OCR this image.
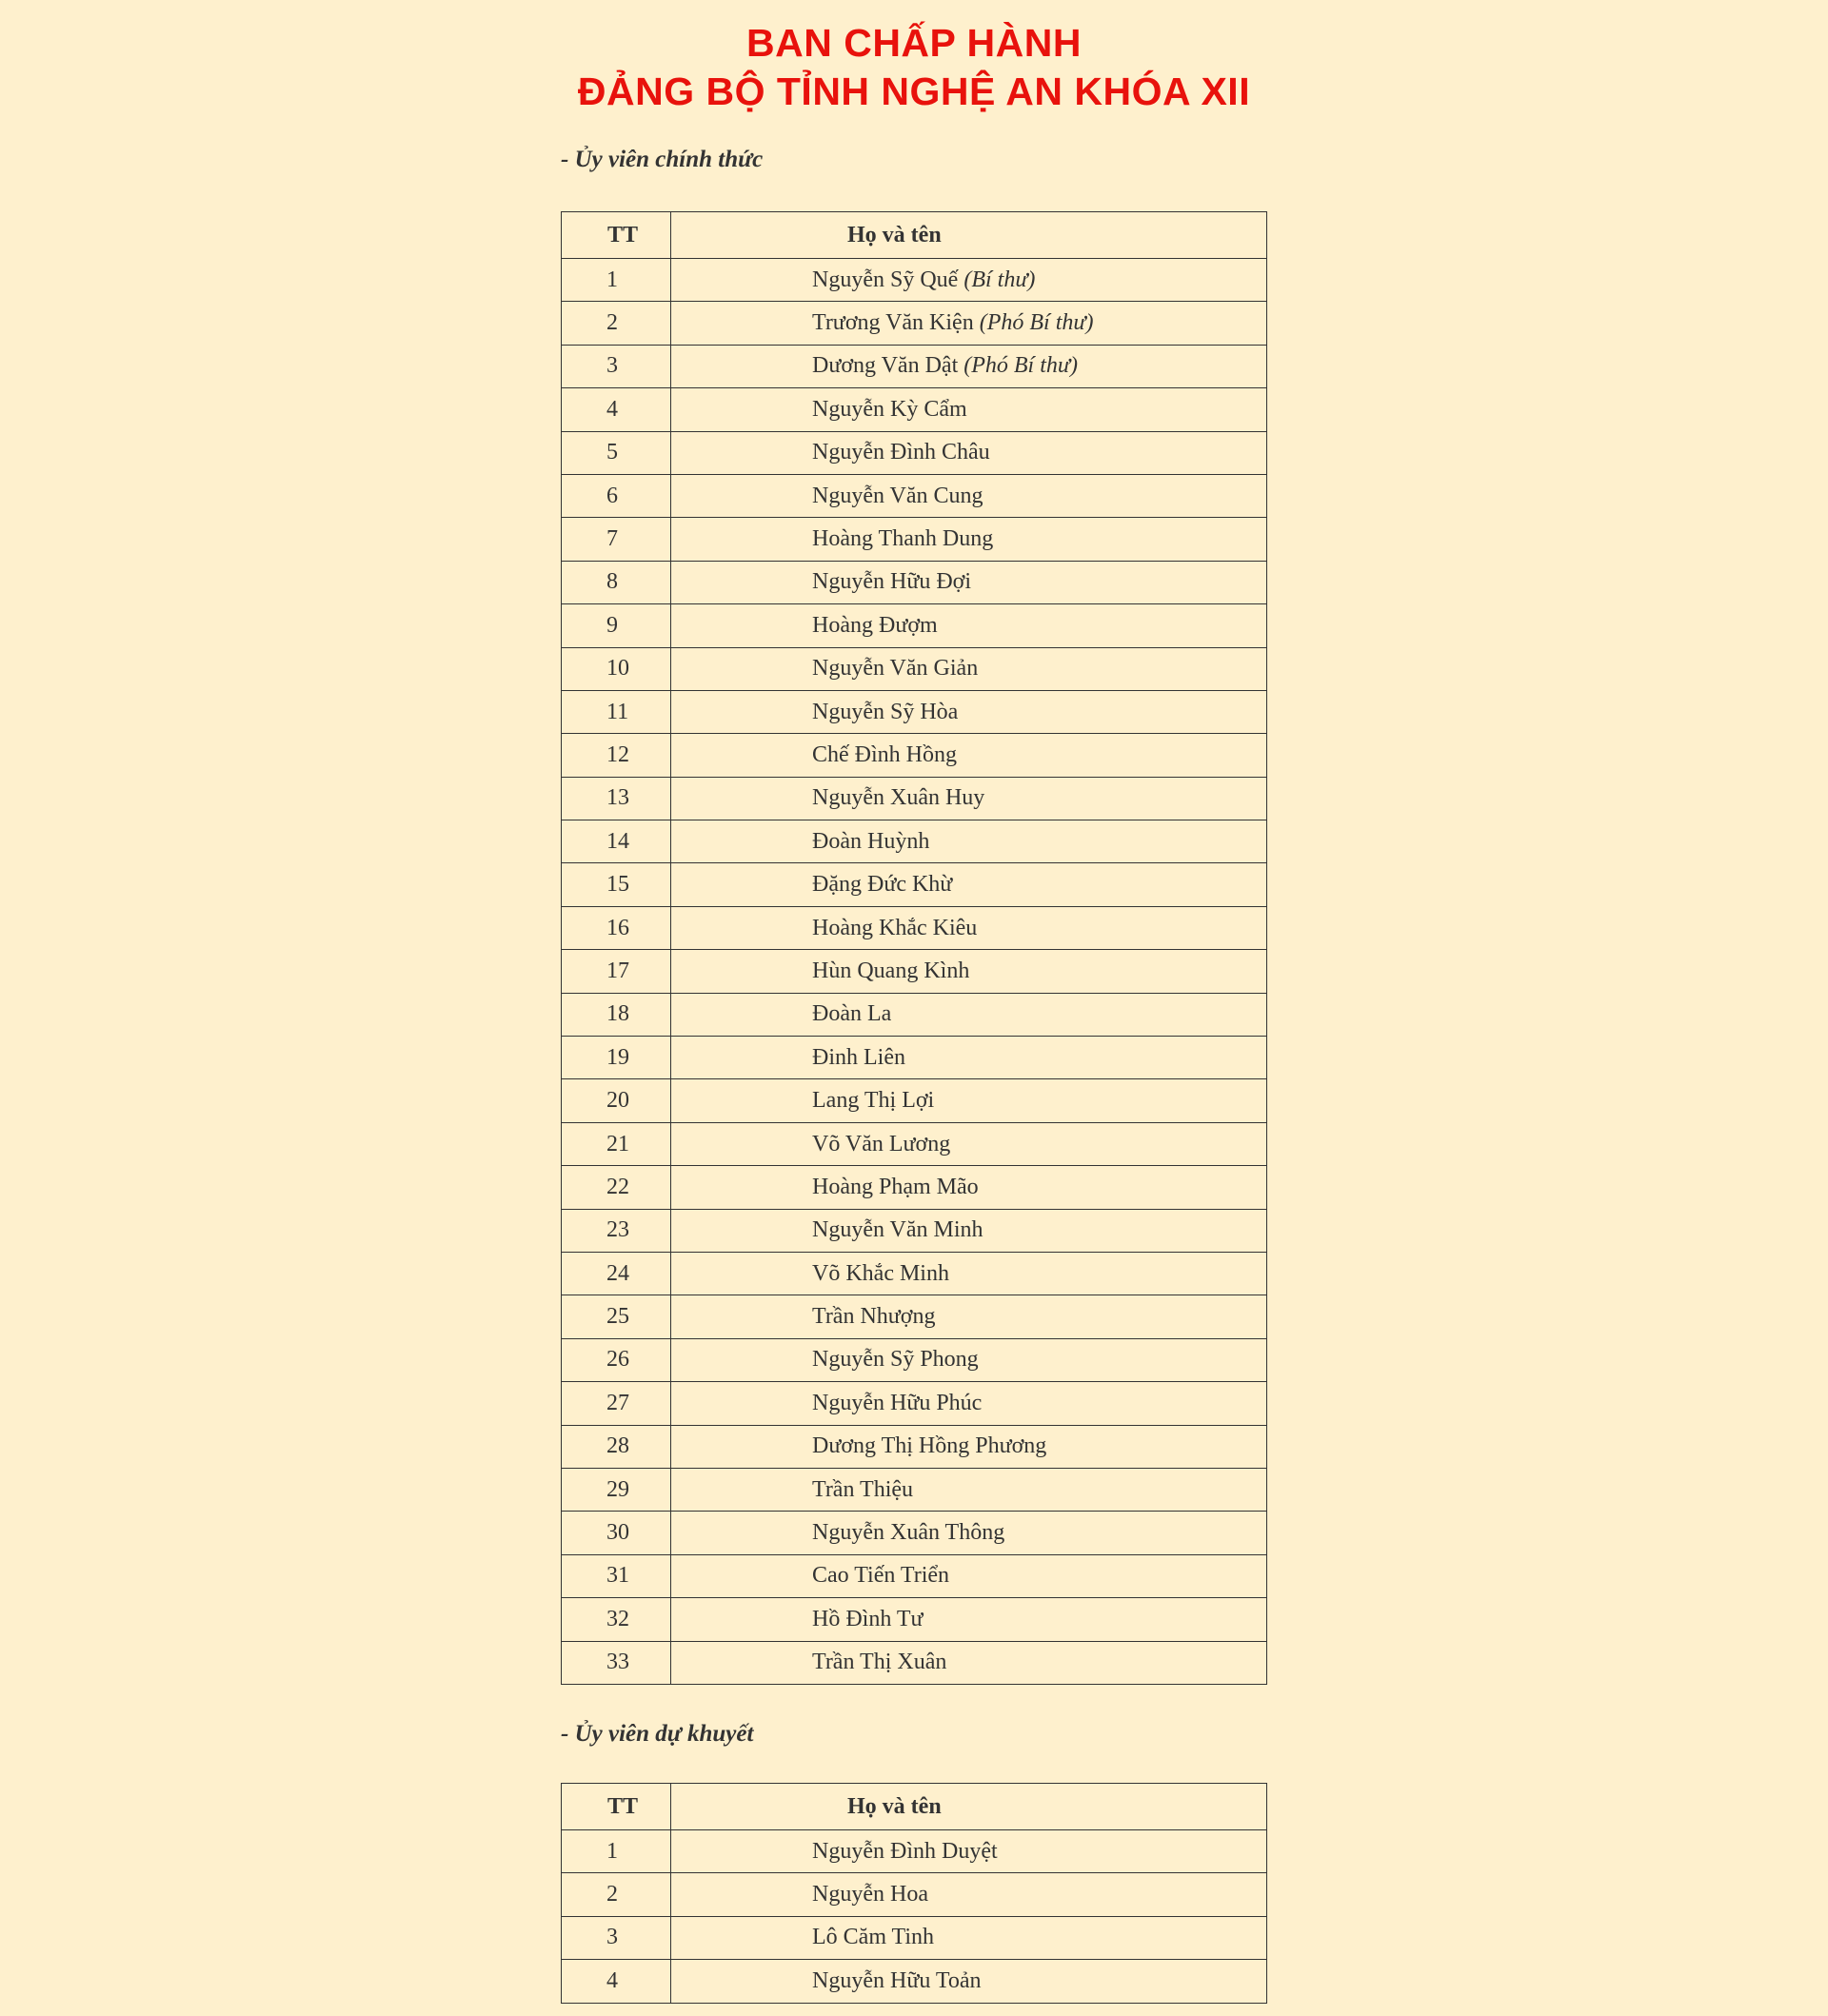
BAN CHẤP HÀNH
ĐẢNG BỘ TỈNH NGHỆ AN KHÓA XII

- Ủy viên chính thức

TT	Họ và tên
1	Nguyễn Sỹ Quế (Bí thư)
2	Trương Văn Kiện (Phó Bí thư)
3	Dương Văn Dật (Phó Bí thư)
4	Nguyễn Kỳ Cẩm
5	Nguyễn Đình Châu
6	Nguyễn Văn Cung
7	Hoàng Thanh Dung
8	Nguyễn Hữu Đợi
9	Hoàng Đượm
10	Nguyễn Văn Giản
11	Nguyễn Sỹ Hòa
12	Chế Đình Hồng
13	Nguyễn Xuân Huy
14	Đoàn Huỳnh
15	Đặng Đức Khừ
16	Hoàng Khắc Kiêu
17	Hùn Quang Kình
18	Đoàn La
19	Đinh Liên
20	Lang Thị Lợi
21	Võ Văn Lương
22	Hoàng Phạm Mão
23	Nguyễn Văn Minh
24	Võ Khắc Minh
25	Trần Nhượng
26	Nguyễn Sỹ Phong
27	Nguyễn Hữu Phúc
28	Dương Thị Hồng Phương
29	Trần Thiệu
30	Nguyễn Xuân Thông
31	Cao Tiến Triển
32	Hồ Đình Tư
33	Trần Thị Xuân

- Ủy viên dự khuyết

TT	Họ và tên
1	Nguyễn Đình Duyệt
2	Nguyễn Hoa
3	Lô Căm Tinh
4	Nguyễn Hữu Toản
